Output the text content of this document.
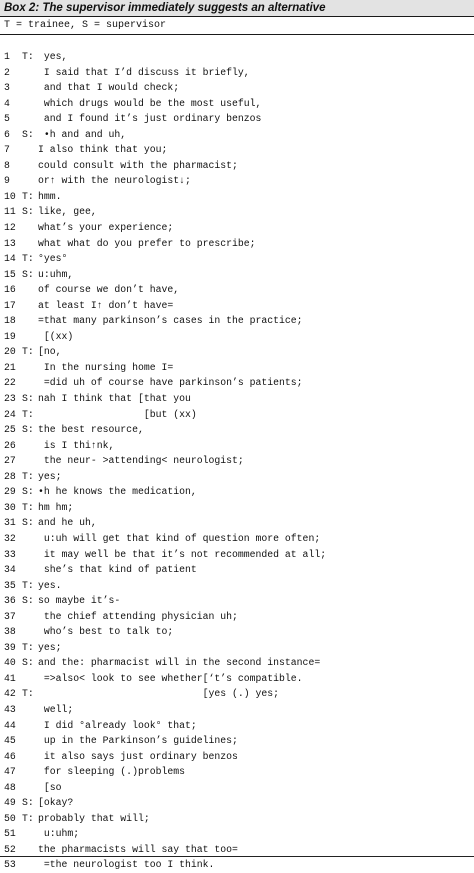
Box 2: The supervisor immediately suggests an alternative
T = trainee, S = supervisor
1 T: yes,
2	I said that I’d discuss it briefly,
3	and that I would check;
4	which drugs would be the most useful,
5	and I found it’s just ordinary benzos
6 S: •h and and uh,
7	I also think that you;
8	could consult with the pharmacist;
9	or↑ with the neurologist↓;
10 T: hmm.
11 S: like, gee,
12 what’s your experience;
13 what what do you prefer to prescribe;
14 T: °yes°
15 S: u:uhm,
16 of course we don’t have,
17 at least I↑ don’t have=
18 =that many parkinson’s cases in the practice;
19 [(xx)
20 T: [no,
21 In the nursing home I=
22 =did uh of course have parkinson’s patients;
23 S: nah I think that [that you
24 T: [but (xx)
25 S: the best resource,
26 is I thi↑nk,
27 the neur- >attending< neurologist;
28 T: yes;
29 S: •h he knows the medication,
30 T: hm hm;
31 S: and he uh,
32 u:uh will get that kind of question more often;
33 it may well be that it’s not recommended at all;
34 she’s that kind of patient
35 T: yes.
36 S: so maybe it’s-
37 the chief attending physician uh;
38 who’s best to talk to;
39 T: yes;
40 S: and the: pharmacist will in the second instance=
41 =>also< look to see whether[‘t’s compatible.
42 T: [yes (.) yes;
43 well;
44 I did °already look° that;
45 up in the Parkinson’s guidelines;
46 it also says just ordinary benzos
47 for sleeping (.)problems
48 [so
49 S: [okay?
50 T: probably that will;
51 u:uhm;
52 the pharmacists will say that too=
53 =the neurologist too I think.
